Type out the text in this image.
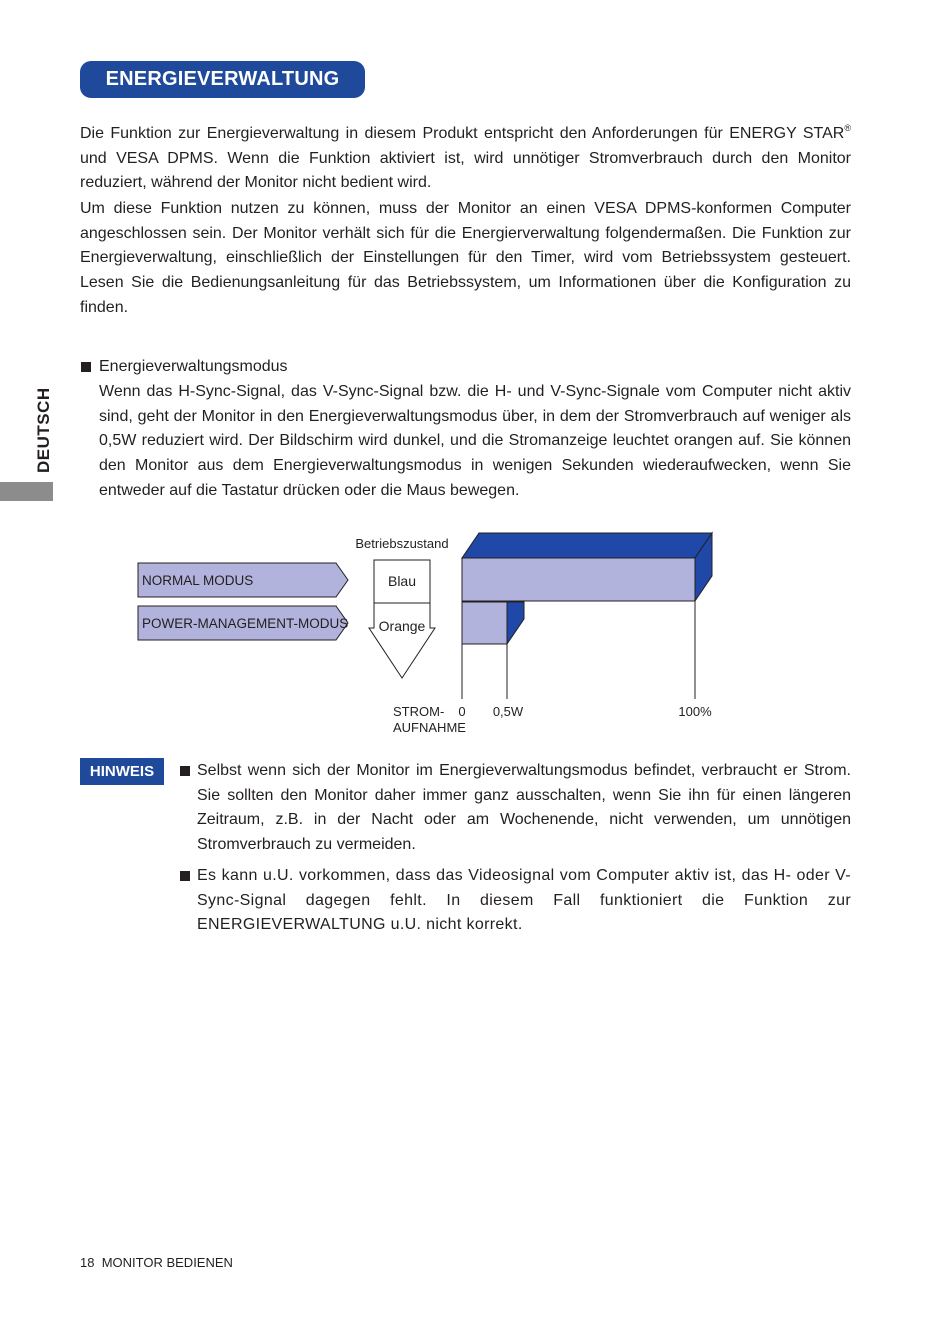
ENERGIEVERWALTUNG

Die Funktion zur Energieverwaltung in diesem Produkt entspricht den Anforderungen für ENERGY STAR® und VESA DPMS. Wenn die Funktion aktiviert ist, wird unnötiger Stromverbrauch durch den Monitor reduziert, während der Monitor nicht bedient wird.

Um diese Funktion nutzen zu können, muss der Monitor an einen VESA DPMS-konformen Computer angeschlossen sein. Der Monitor verhält sich für die Energierverwaltung folgendermaßen. Die Funktion zur Energieverwaltung, einschließlich der Einstellungen für den Timer, wird vom Betriebssystem gesteuert. Lesen Sie die Bedienungsanleitung für das Betriebssystem, um Informationen über die Konfiguration zu finden.

DEUTSCH
Energieverwaltungsmodus

Wenn das H-Sync-Signal, das V-Sync-Signal bzw. die H- und V-Sync-Signale vom Computer nicht aktiv sind, geht der Monitor in den Energieverwaltungsmodus über, in dem der Stromverbrauch auf weniger als 0,5W reduziert wird. Der Bildschirm wird dunkel, und die Stromanzeige leuchtet orangen auf. Sie können den Monitor aus dem Energieverwaltungsmodus in wenigen Sekunden wiederaufwecken, wenn Sie entweder auf die Tastatur drücken oder die Maus bewegen.

NORMAL MODUS
POWER-MANAGEMENT-MODUS
Betriebszustand
Blau
Orange
STROM-
AUFNAHME
0 0,5W	100%
HINWEIS	Selbst wenn sich der Monitor im Energieverwaltungsmodus befindet, verbraucht er Strom. Sie sollten den Monitor daher immer ganz ausschalten, wenn Sie ihn für einen längeren Zeitraum, z.B. in der Nacht oder am Wochenende, nicht verwenden, um unnötigen Stromverbrauch zu vermeiden.

Es kann u.U. vorkommen, dass das Videosignal vom Computer aktiv ist, das H- oder V-Sync-Signal dagegen fehlt. In diesem Fall funktioniert die Funktion zur ENERGIEVERWALTUNG u.U. nicht korrekt.

18 MONITOR BEDIENEN
